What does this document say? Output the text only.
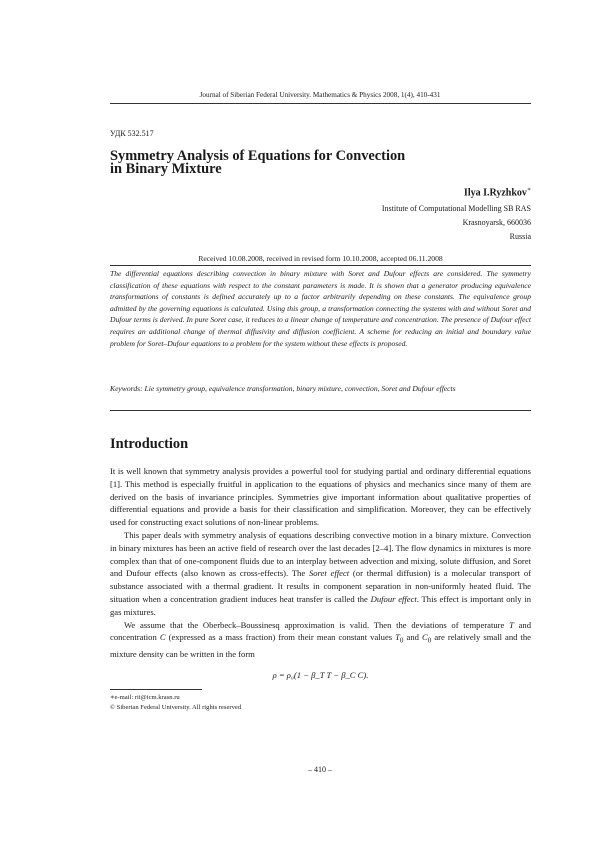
Journal of Siberian Federal University. Mathematics & Physics 2008, 1(4), 410-431
УДК 532.517
Symmetry Analysis of Equations for Convection
in Binary Mixture
Ilya I.Ryzhkov∗
Institute of Computational Modelling SB RAS
Krasnoyarsk, 660036
Russia
Received 10.08.2008, received in revised form 10.10.2008, accepted 06.11.2008
The differential equations describing convection in binary mixture with Soret and Dufour effects are considered. The symmetry classification of these equations with respect to the constant parameters is made. It is shown that a generator producing equivalence transformations of constants is defined accurately up to a factor arbitrarily depending on these constants. The equivalence group admitted by the governing equations is calculated. Using this group, a transformation connecting the systems with and without Soret and Dufour terms is derived. In pure Soret case, it reduces to a linear change of temperature and concentration. The presence of Dufour effect requires an additional change of thermal diffusivity and diffusion coefficient. A scheme for reducing an initial and boundary value problem for Soret–Dufour equations to a problem for the system without these effects is proposed.
Keywords: Lie symmetry group, equivalence transformation, binary mixture, convection, Soret and Dufour effects
Introduction

It is well known that symmetry analysis provides a powerful tool for studying partial and ordinary differential equations [1]. This method is especially fruitful in application to the equations of physics and mechanics since many of them are derived on the basis of invariance principles. Symmetries give important information about qualitative properties of differential equations and provide a basis for their classification and simplification. Moreover, they can be effectively used for constructing exact solutions of non-linear problems.

This paper deals with symmetry analysis of equations describing convective motion in a binary mixture. Convection in binary mixtures has been an active field of research over the last decades [2–4]. The flow dynamics in mixtures is more complex than that of one-component fluids due to an interplay between advection and mixing, solute diffusion, and Soret and Dufour effects (also known as cross-effects). The Soret effect (or thermal diffusion) is a molecular transport of substance associated with a thermal gradient. It results in component separation in non-uniformly heated fluid. The situation when a concentration gradient induces heat transfer is called the Dufour effect. This effect is important only in gas mixtures.

We assume that the Oberbeck–Boussinesq approximation is valid. Then the deviations of temperature T and concentration C (expressed as a mass fraction) from their mean constant values $T_0$ and $C_0$ are relatively small and the mixture density can be written in the form

ρ = ρ₀(1 − β_T T − β_C C).
∗e-mail: rii@icm.krasn.ru
© Siberian Federal University. All rights reserved
– 410 –
